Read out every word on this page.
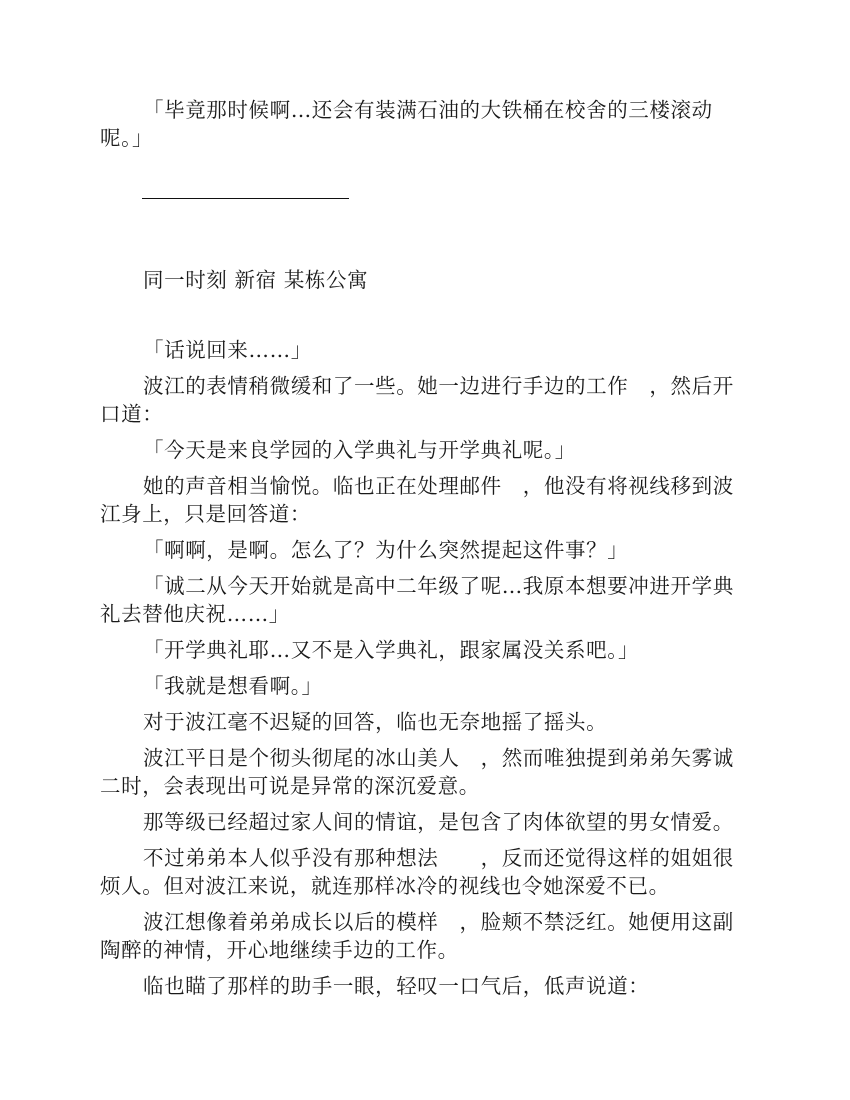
「毕竟那时候啊…还会有装满石油的大铁桶在校舍的三楼滚动呢。」

同一时刻 新宿 某栋公寓

「话说回来……」

波江的表情稍微缓和了一些。她一边进行手边的工作　，然后开口道：

「今天是来良学园的入学典礼与开学典礼呢。」

她的声音相当愉悦。临也正在处理邮件　，他没有将视线移到波江身上，只是回答道：

「啊啊，是啊。怎么了？为什么突然提起这件事？」

「诚二从今天开始就是高中二年级了呢…我原本想要冲进开学典礼去替他庆祝……」

「开学典礼耶…又不是入学典礼，跟家属没关系吧。」

「我就是想看啊。」

对于波江毫不迟疑的回答，临也无奈地摇了摇头。

波江平日是个彻头彻尾的冰山美人　，然而唯独提到弟弟矢雾诚二时，会表现出可说是异常的深沉爱意。

那等级已经超过家人间的情谊，是包含了肉体欲望的男女情爱。

不过弟弟本人似乎没有那种想法　　，反而还觉得这样的姐姐很烦人。但对波江来说，就连那样冰冷的视线也令她深爱不已。

波江想像着弟弟成长以后的模样　，脸颊不禁泛红。她便用这副陶醉的神情，开心地继续手边的工作。

临也瞄了那样的助手一眼，轻叹一口气后，低声说道：
